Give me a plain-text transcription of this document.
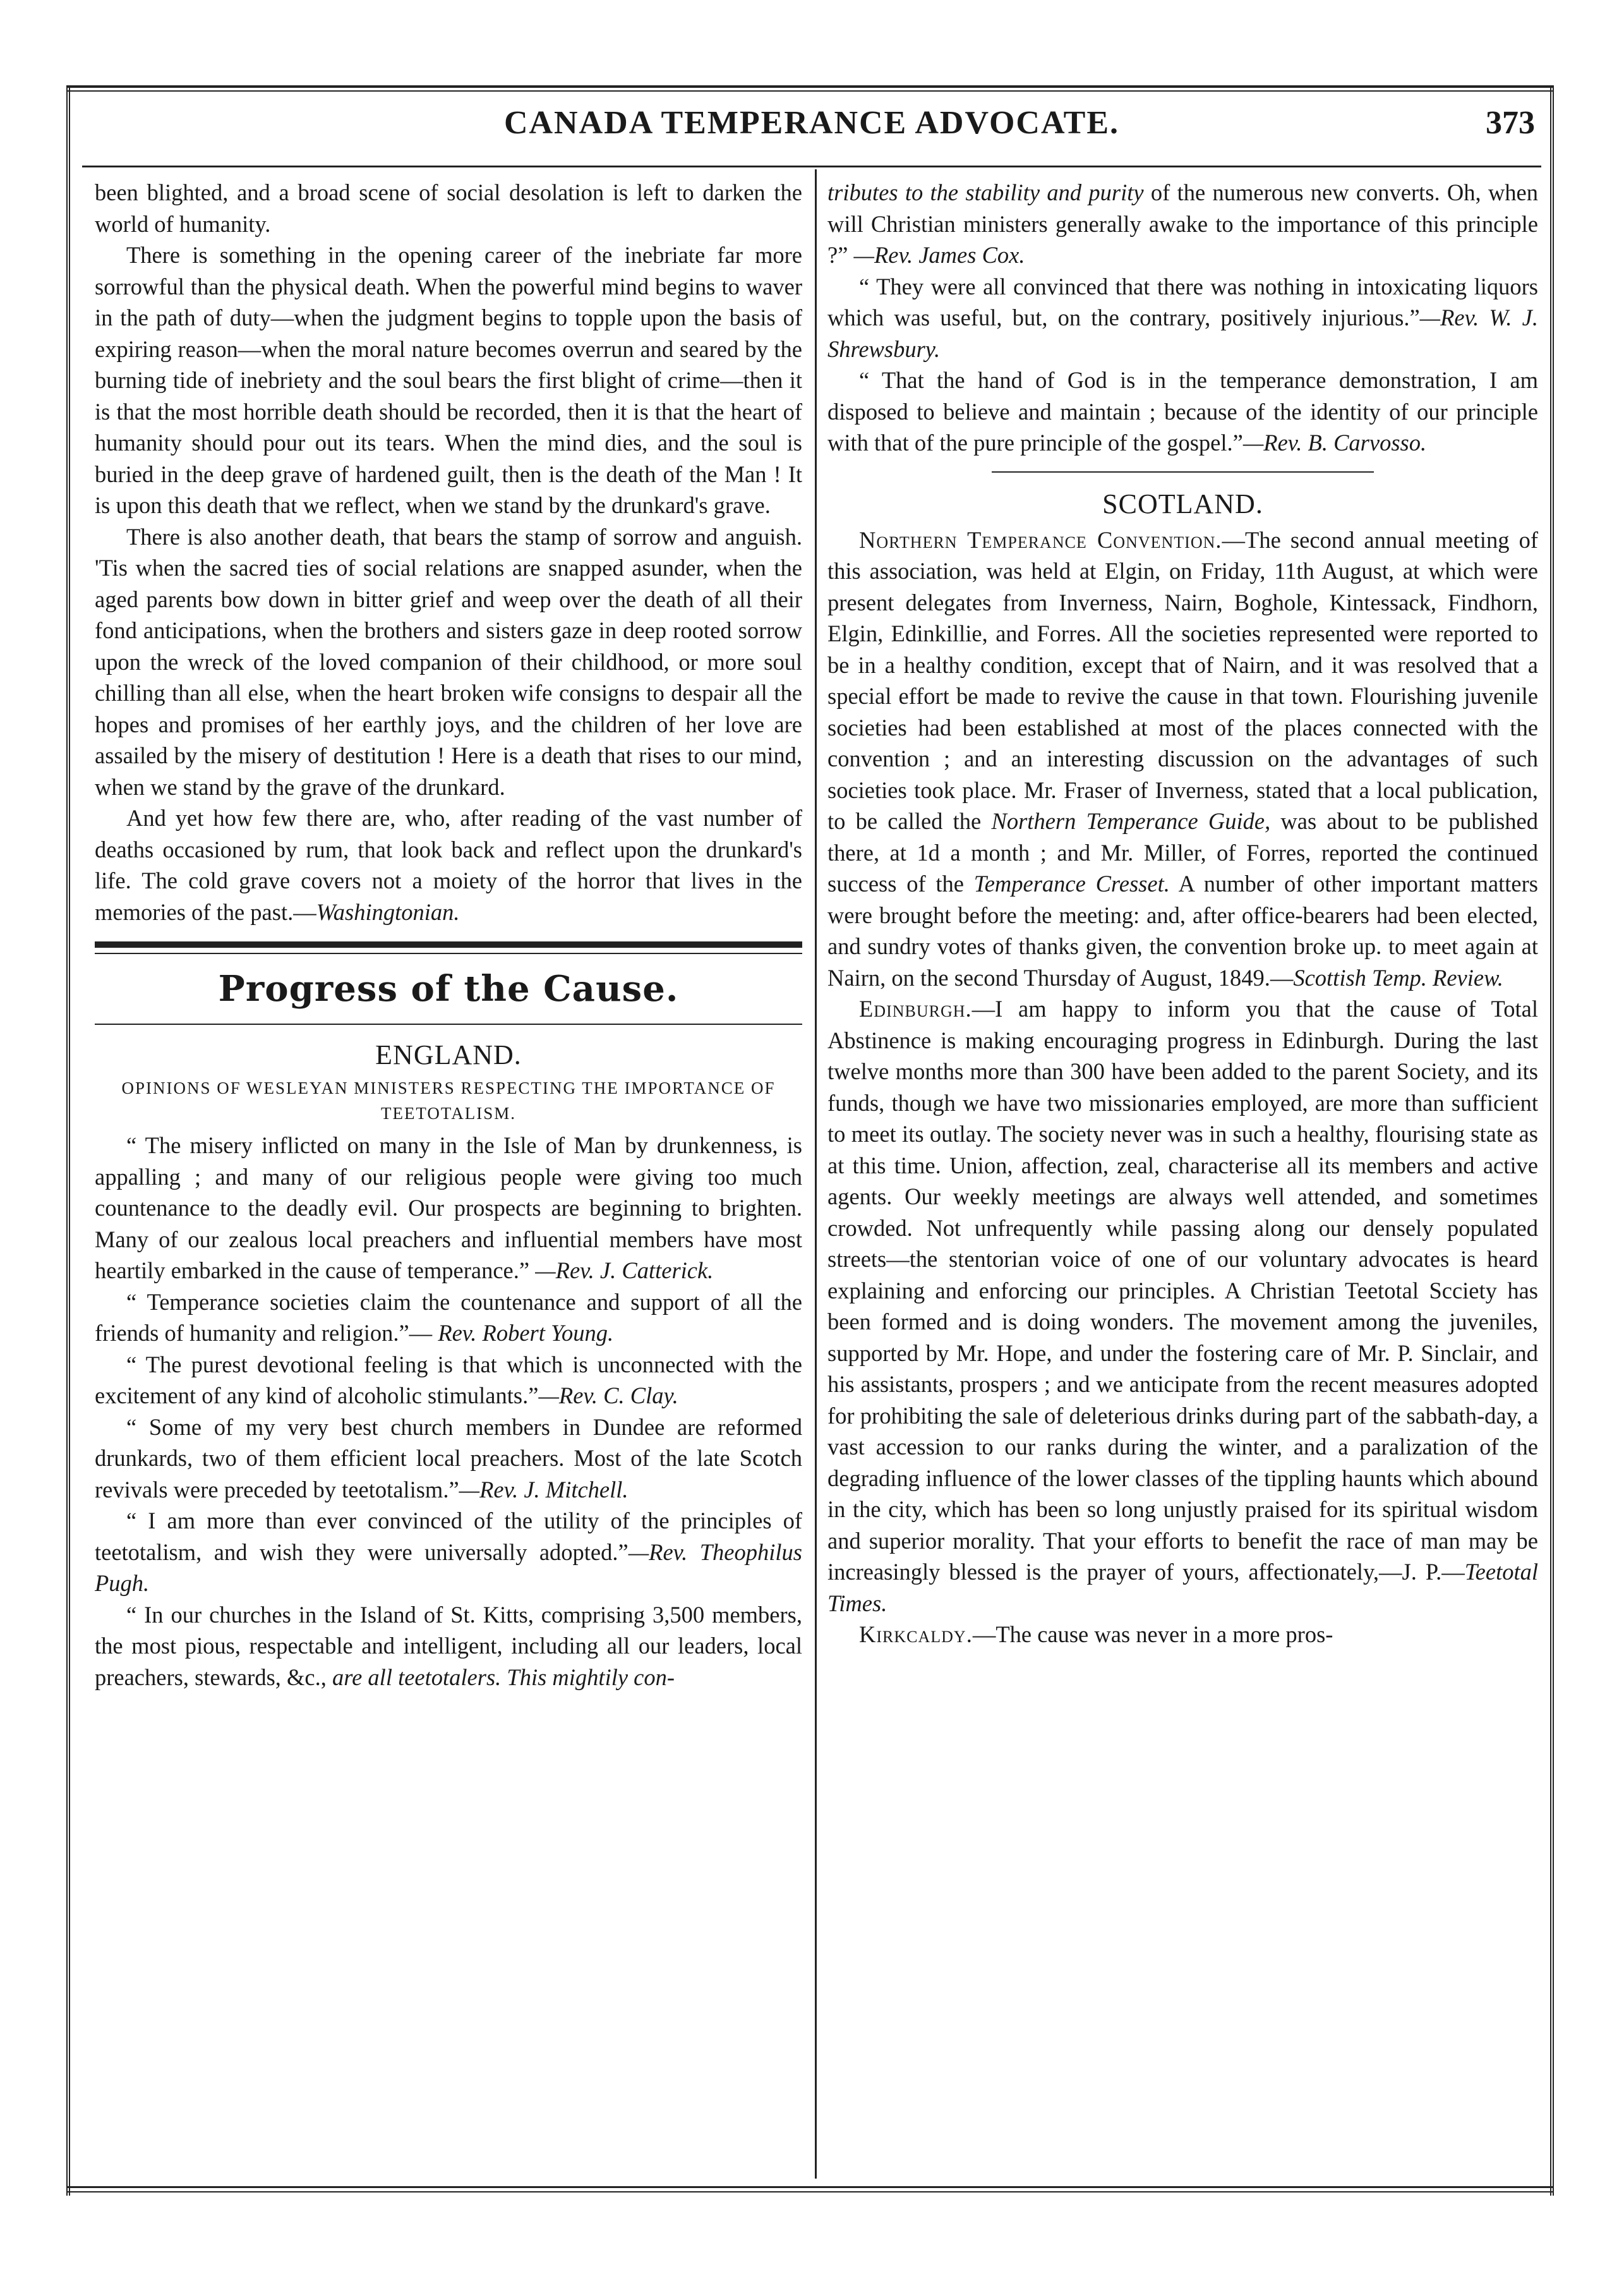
CANADA TEMPERANCE ADVOCATE.	373

been blighted, and a broad scene of social desolation is left to darken the world of humanity.

There is something in the opening career of the inebriate far more sorrowful than the physical death. When the powerful mind begins to waver in the path of duty—when the judgment begins to topple upon the basis of expiring reason—when the moral nature becomes overrun and seared by the burning tide of inebriety and the soul bears the first blight of crime—then it is that the most horrible death should be recorded, then it is that the heart of humanity should pour out its tears. When the mind dies, and the soul is buried in the deep grave of hardened guilt, then is the death of the Man ! It is upon this death that we reflect, when we stand by the drunkard's grave.

There is also another death, that bears the stamp of sorrow and anguish. 'Tis when the sacred ties of social relations are snapped asunder, when the aged parents bow down in bitter grief and weep over the death of all their fond anticipations, when the brothers and sisters gaze in deep rooted sorrow upon the wreck of the loved companion of their childhood, or more soul chilling than all else, when the heart broken wife consigns to despair all the hopes and promises of her earthly joys, and the children of her love are assailed by the misery of destitution ! Here is a death that rises to our mind, when we stand by the grave of the drunkard.

And yet how few there are, who, after reading of the vast number of deaths occasioned by rum, that look back and reflect upon the drunkard's life. The cold grave covers not a moiety of the horror that lives in the memories of the past.—Washingtonian.

Progress of the Cause.
ENGLAND.
OPINIONS OF WESLEYAN MINISTERS RESPECTING THE IMPORTANCE OF TEETOTALISM.

“ The misery inflicted on many in the Isle of Man by drunkenness, is appalling ; and many of our religious people were giving too much countenance to the deadly evil. Our prospects are beginning to brighten. Many of our zealous local preachers and influential members have most heartily embarked in the cause of temperance.” —Rev. J. Catterick.

“ Temperance societies claim the countenance and support of all the friends of humanity and religion.”— Rev. Robert Young.

“ The purest devotional feeling is that which is unconnected with the excitement of any kind of alcoholic stimulants.”—Rev. C. Clay.

“ Some of my very best church members in Dundee are reformed drunkards, two of them efficient local preachers. Most of the late Scotch revivals were preceded by teetotalism.”—Rev. J. Mitchell.

“ I am more than ever convinced of the utility of the principles of teetotalism, and wish they were universally adopted.”—Rev. Theophilus Pugh.

“ In our churches in the Island of St. Kitts, comprising 3,500 members, the most pious, respectable and intelligent, including all our leaders, local preachers, stewards, &c., are all teetotalers. This mightily con-

tributes to the stability and purity of the numerous new converts. Oh, when will Christian ministers generally awake to the importance of this principle ?” —Rev. James Cox.

“ They were all convinced that there was nothing in intoxicating liquors which was useful, but, on the contrary, positively injurious.”—Rev. W. J. Shrewsbury.

“ That the hand of God is in the temperance demonstration, I am disposed to believe and maintain ; because of the identity of our principle with that of the pure principle of the gospel.”—Rev. B. Carvosso.

SCOTLAND.

Northern Temperance Convention.—The second annual meeting of this association, was held at Elgin, on Friday, 11th August, at which were present delegates from Inverness, Nairn, Boghole, Kintessack, Findhorn, Elgin, Edinkillie, and Forres. All the societies represented were reported to be in a healthy condition, except that of Nairn, and it was resolved that a special effort be made to revive the cause in that town. Flourishing juvenile societies had been established at most of the places connected with the convention ; and an interesting discussion on the advantages of such societies took place. Mr. Fraser of Inverness, stated that a local publication, to be called the Northern Temperance Guide, was about to be published there, at 1d a month ; and Mr. Miller, of Forres, reported the continued success of the Temperance Cresset. A number of other important matters were brought before the meeting: and, after office-bearers had been elected, and sundry votes of thanks given, the convention broke up. to meet again at Nairn, on the second Thursday of August, 1849.—Scottish Temp. Review.

Edinburgh.—I am happy to inform you that the cause of Total Abstinence is making encouraging progress in Edinburgh. During the last twelve months more than 300 have been added to the parent Society, and its funds, though we have two missionaries employed, are more than sufficient to meet its outlay. The society never was in such a healthy, flourising state as at this time. Union, affection, zeal, characterise all its members and active agents. Our weekly meetings are always well attended, and sometimes crowded. Not unfrequently while passing along our densely populated streets—the stentorian voice of one of our voluntary advocates is heard explaining and enforcing our principles. A Christian Teetotal Sсciety has been formed and is doing wonders. The movement among the juveniles, supported by Mr. Hope, and under the fostering care of Mr. P. Sinclair, and his assistants, prospers ; and we anticipate from the recent measures adopted for prohibiting the sale of deleterious drinks during part of the sabbath-day, a vast accession to our ranks during the winter, and a paralization of the degrading influence of the lower classes of the tippling haunts which abound in the city, which has been so long unjustly praised for its spiritual wisdom and superior morality. That your efforts to benefit the race of man may be increasingly blessed is the prayer of yours, affectionately,—J. P.—Teetotal Times.

Kirkcaldy.—The cause was never in a more pros-
